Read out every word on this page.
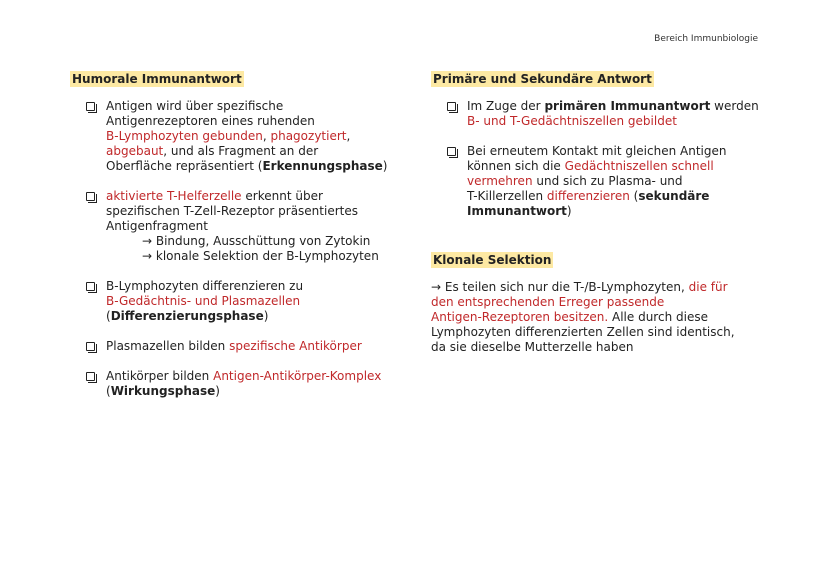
Bereich Immunbiologie
Humorale Immunantwort
Antigen wird über spezifische
Antigenrezeptoren eines ruhenden
B-Lymphozyten gebunden, phagozytiert,
abgebaut, und als Fragment an der
Oberfläche repräsentiert (Erkennungsphase)
aktivierte T-Helferzelle erkennt über
spezifischen T-Zell-Rezeptor präsentiertes
Antigenfragment
→ Bindung, Ausschüttung von Zytokin
→ klonale Selektion der B-Lymphozyten
B-Lymphozyten differenzieren zu
B-Gedächtnis- und Plasmazellen
(Differenzierungsphase)
Plasmazellen bilden spezifische Antikörper
Antikörper bilden Antigen-Antikörper-Komplex
(Wirkungsphase)
Primäre und Sekundäre Antwort
Im Zuge der primären Immunantwort werden
B- und T-Gedächtniszellen gebildet
Bei erneutem Kontakt mit gleichen Antigen
können sich die Gedächtniszellen schnell
vermehren und sich zu Plasma- und
T-Killerzellen differenzieren (sekundäre
Immunantwort)
Klonale Selektion

→ Es teilen sich nur die T-/B-Lymphozyten, die für
den entsprechenden Erreger passende
Antigen-Rezeptoren besitzen. Alle durch diese
Lymphozyten differenzierten Zellen sind identisch,
da sie dieselbe Mutterzelle haben
